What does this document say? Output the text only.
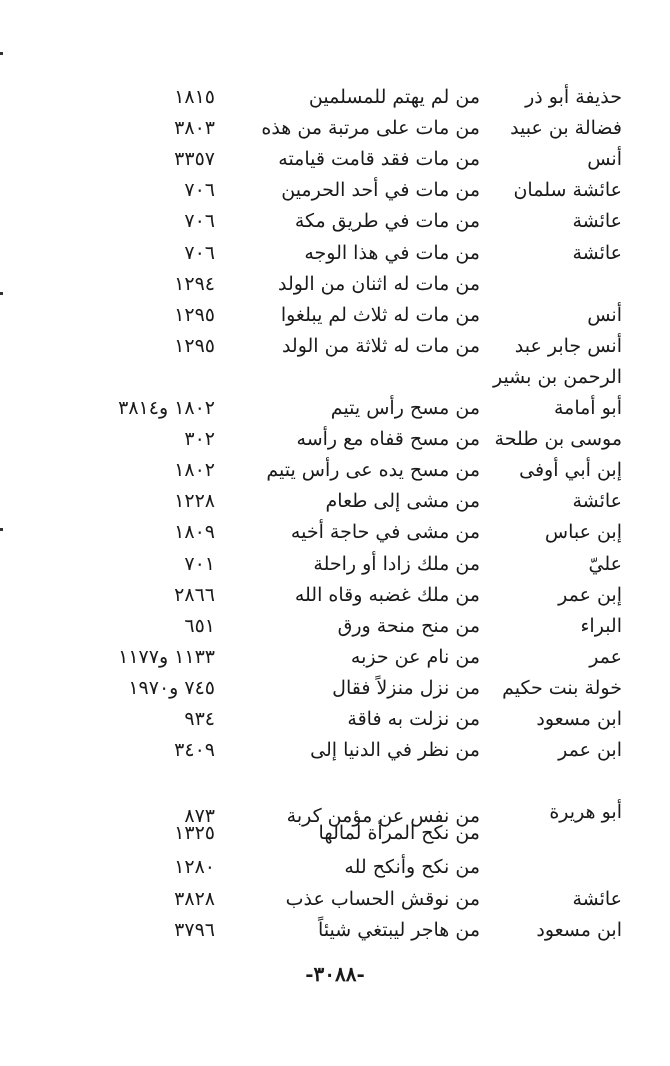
حذيفة أبو ذر
من لم يهتم للمسلمين
١٨١٥
فضالة بن عبيد
من مات على مرتبة من هذه
٣٨٠٣
أنس
من مات فقد قامت قيامته
٣٣٥٧
عائشة سلمان
من مات في أحد الحرمين
٧٠٦
عائشة
من مات في طريق مكة
٧٠٦
عائشة
من مات في هذا الوجه
٧٠٦
من مات له اثنان من الولد
١٢٩٤
أنس
من مات له ثلاث لم يبلغوا
١٢٩٥
أنس جابر عبد
من مات له ثلاثة من الولد
١٢٩٥
الرحمن بن بشير
أبو أمامة
من مسح رأس يتيم
١٨٠٢ و٣٨١٤
موسى بن طلحة
من مسح قفاه مع رأسه
٣٠٢
إبن أبي أوفى
من مسح يده عى رأس يتيم
١٨٠٢
عائشة
من مشى إلى طعام
١٢٢٨
إبن عباس
من مشى في حاجة أخيه
١٨٠٩
عليّ
من ملك زادا أو راحلة
٧٠١
إبن عمر
من ملك غضبه وقاه الله
٢٨٦٦
البراء
من منح منحة ورق
٦٥١
عمر
من نام عن حزبه
١١٣٣ و١١٧٧
خولة بنت حكيم
من نزل منزلاً فقال
٧٤٥ و١٩٧٠
ابن مسعود
من نزلت به فاقة
٩٣٤
ابن عمر
من نظر في الدنيا إلى
٣٤٠٩
أبو هريرة
من نفس عن مؤمن كربة
من نكح المرأة لمالها
٨٧٣
١٣٢٥
من نكح وأنكح لله
١٢٨٠
عائشة
من نوقش الحساب عذب
٣٨٢٨
ابن مسعود
من هاجر ليبتغي شيئاً
٣٧٩٦
-٣٠٨٨-
